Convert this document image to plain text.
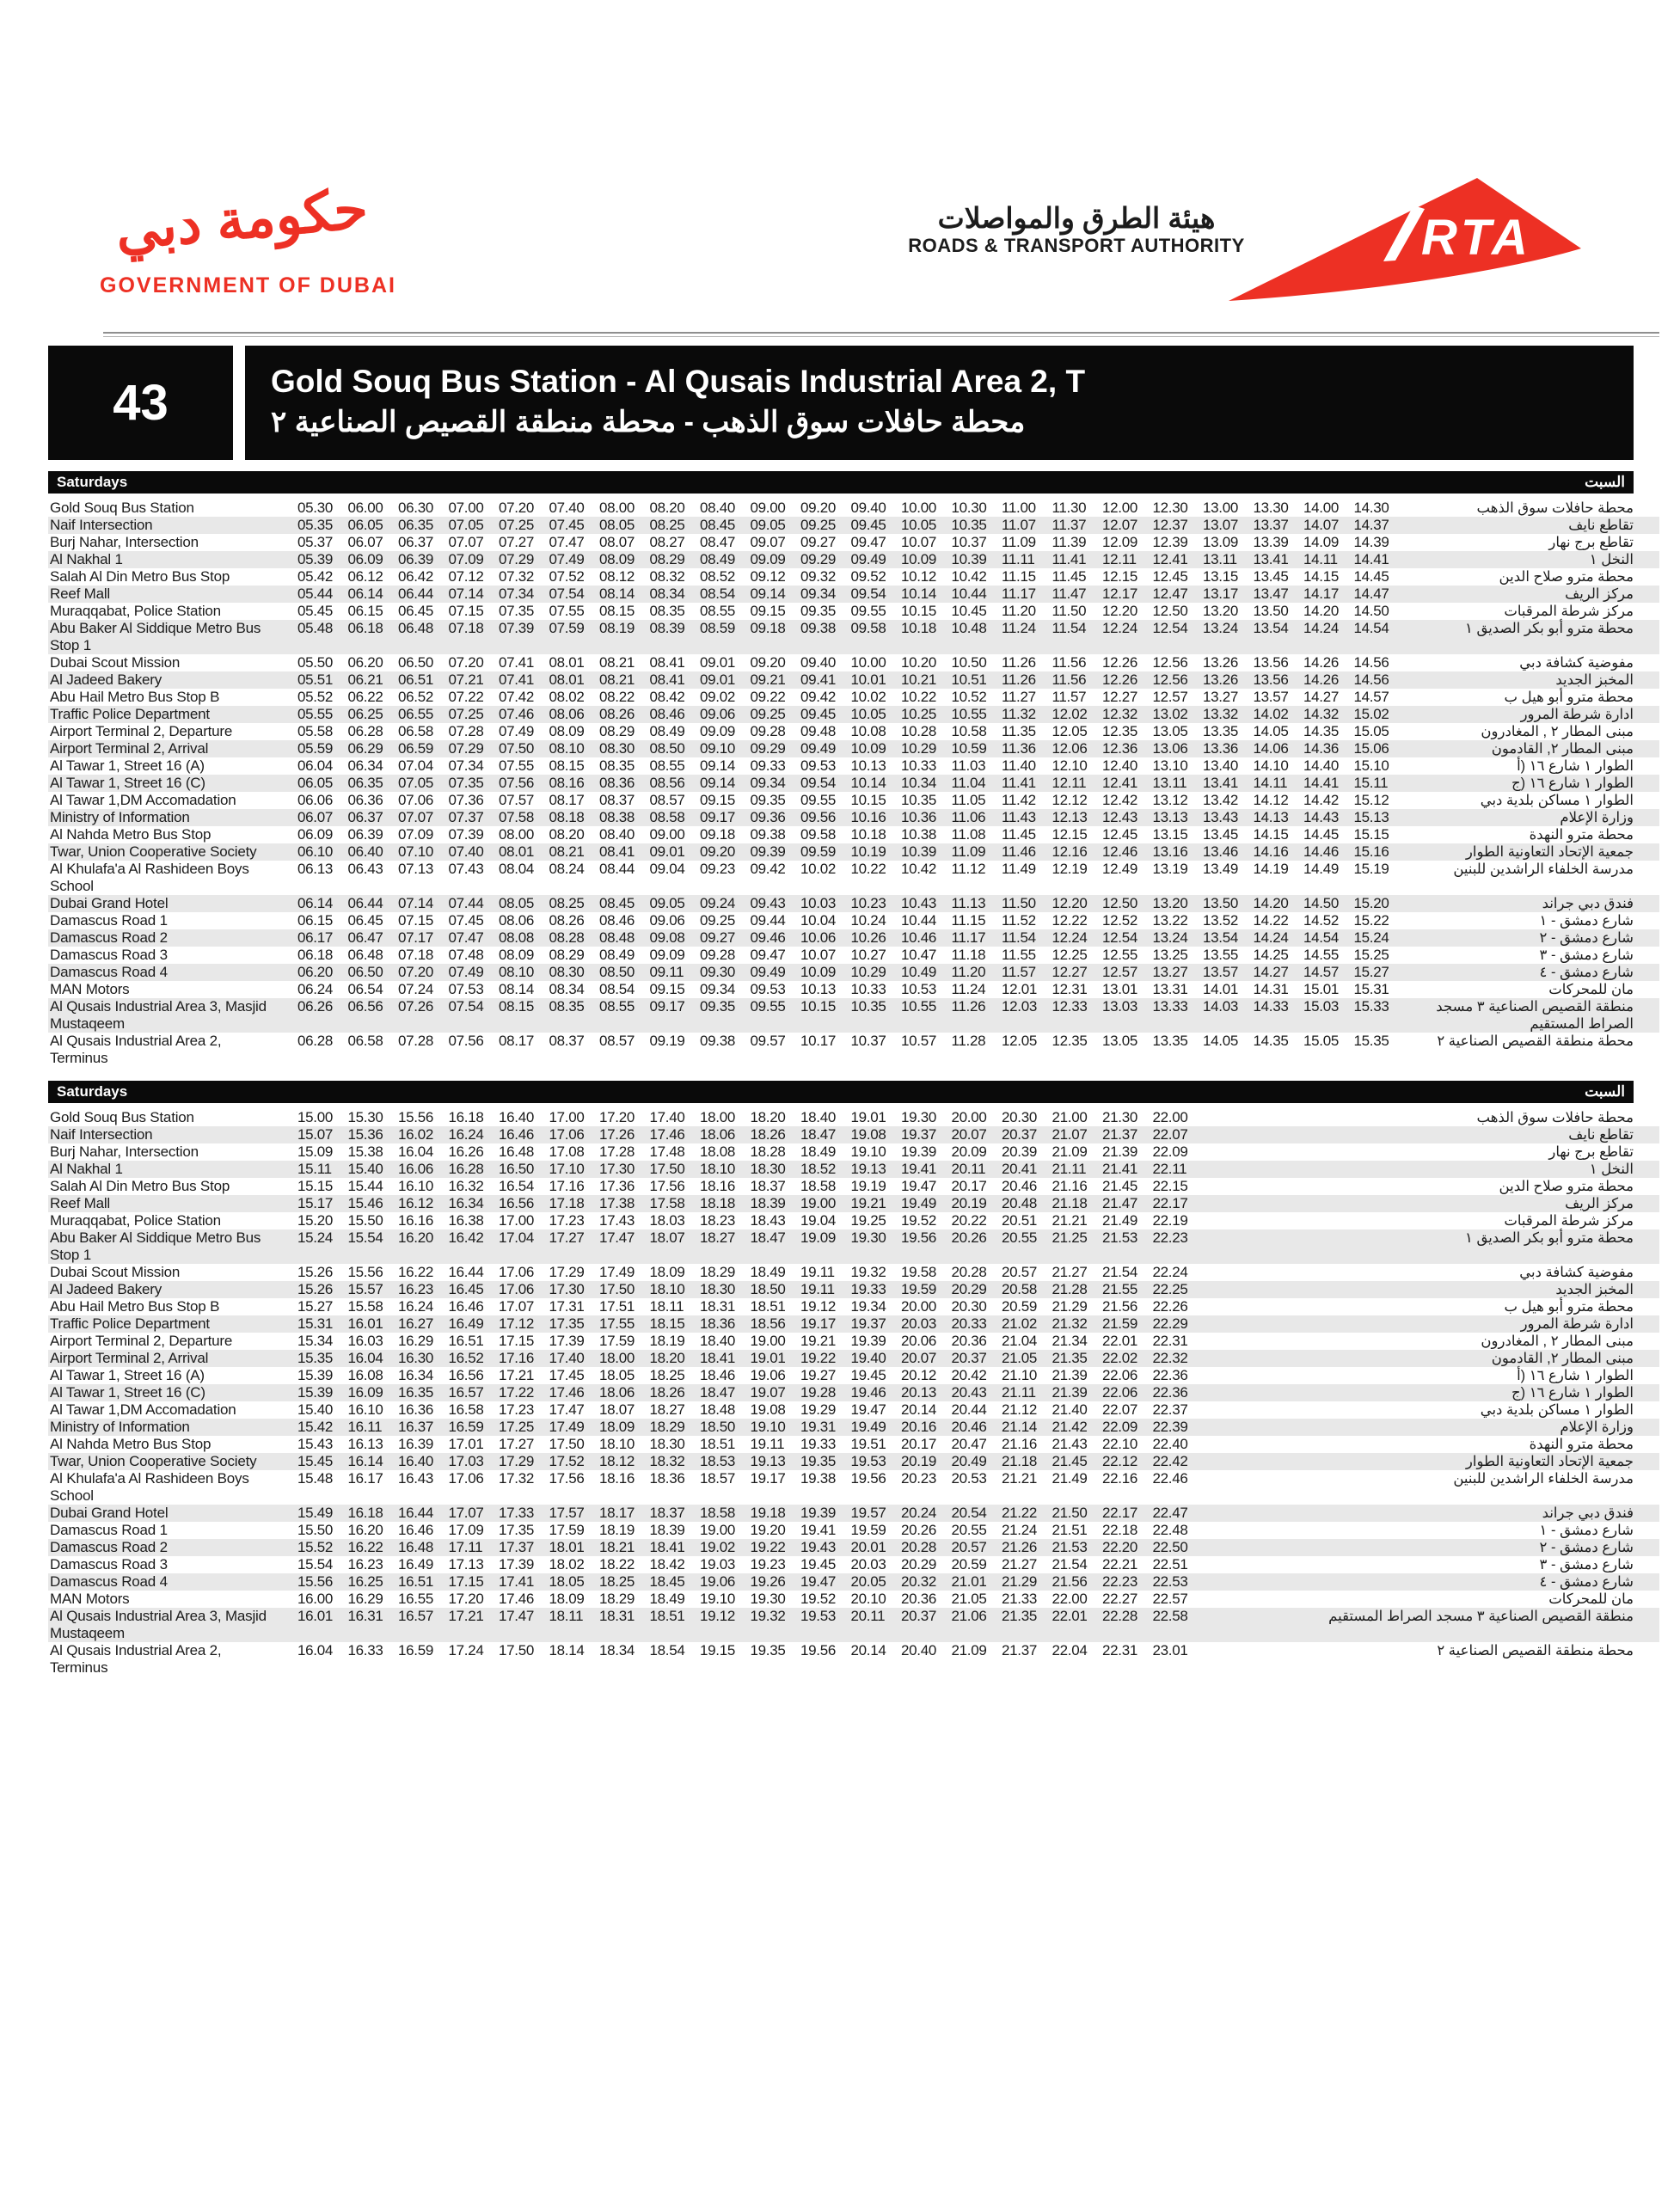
حكومة دبي
GOVERNMENT OF DUBAI
هيئة الطرق والمواصلات
ROADS & TRANSPORT AUTHORITY	RTA
43	Gold Souq Bus Station - Al Qusais Industrial Area 2, T
محطة حافلات سوق الذهب - محطة منطقة القصيص الصناعية ٢
Saturdays	السبت
Gold Souq Bus Station	05.30	06.00	06.30	07.00	07.20	07.40	08.00	08.20	08.40	09.00	09.20	09.40	10.00	10.30	11.00	11.30	12.00	12.30	13.00	13.30	14.00	14.30	محطة حافلات سوق الذهب
Naif Intersection	05.35	06.05	06.35	07.05	07.25	07.45	08.05	08.25	08.45	09.05	09.25	09.45	10.05	10.35	11.07	11.37	12.07	12.37	13.07	13.37	14.07	14.37	تقاطع نايف
Burj Nahar, Intersection	05.37	06.07	06.37	07.07	07.27	07.47	08.07	08.27	08.47	09.07	09.27	09.47	10.07	10.37	11.09	11.39	12.09	12.39	13.09	13.39	14.09	14.39	تقاطع برج نهار
Al Nakhal 1	05.39	06.09	06.39	07.09	07.29	07.49	08.09	08.29	08.49	09.09	09.29	09.49	10.09	10.39	11.11	11.41	12.11	12.41	13.11	13.41	14.11	14.41	النخل ١
Salah Al Din Metro Bus Stop	05.42	06.12	06.42	07.12	07.32	07.52	08.12	08.32	08.52	09.12	09.32	09.52	10.12	10.42	11.15	11.45	12.15	12.45	13.15	13.45	14.15	14.45	محطة مترو صلاح الدين
Reef Mall	05.44	06.14	06.44	07.14	07.34	07.54	08.14	08.34	08.54	09.14	09.34	09.54	10.14	10.44	11.17	11.47	12.17	12.47	13.17	13.47	14.17	14.47	مركز الريف
Muraqqabat, Police Station	05.45	06.15	06.45	07.15	07.35	07.55	08.15	08.35	08.55	09.15	09.35	09.55	10.15	10.45	11.20	11.50	12.20	12.50	13.20	13.50	14.20	14.50	مركز شرطة المرقبات
Abu Baker Al Siddique Metro Bus Stop 1
05.48	06.18	06.48	07.18	07.39	07.59	08.19	08.39	08.59	09.18	09.38	09.58	10.18	10.48	11.24	11.54	12.24	12.54	13.24	13.54	14.24	14.54	محطة مترو أبو بكر الصديق ١
Dubai Scout Mission	05.50	06.20	06.50	07.20	07.41	08.01	08.21	08.41	09.01	09.20	09.40	10.00	10.20	10.50	11.26	11.56	12.26	12.56	13.26	13.56	14.26	14.56	مفوضية كشافة دبي
Al Jadeed Bakery	05.51	06.21	06.51	07.21	07.41	08.01	08.21	08.41	09.01	09.21	09.41	10.01	10.21	10.51	11.26	11.56	12.26	12.56	13.26	13.56	14.26	14.56	المخبز الجديد
Abu Hail Metro Bus Stop B	05.52	06.22	06.52	07.22	07.42	08.02	08.22	08.42	09.02	09.22	09.42	10.02	10.22	10.52	11.27	11.57	12.27	12.57	13.27	13.57	14.27	14.57	محطة مترو أبو هيل ب
Traffic Police Department	05.55	06.25	06.55	07.25	07.46	08.06	08.26	08.46	09.06	09.25	09.45	10.05	10.25	10.55	11.32	12.02	12.32	13.02	13.32	14.02	14.32	15.02	ادارة شرطة المرور
Airport Terminal 2, Departure	05.58	06.28	06.58	07.28	07.49	08.09	08.29	08.49	09.09	09.28	09.48	10.08	10.28	10.58	11.35	12.05	12.35	13.05	13.35	14.05	14.35	15.05	مبنى المطار ٢ , المغادرون
Airport Terminal 2, Arrival	05.59	06.29	06.59	07.29	07.50	08.10	08.30	08.50	09.10	09.29	09.49	10.09	10.29	10.59	11.36	12.06	12.36	13.06	13.36	14.06	14.36	15.06	مبنى المطار ٢, القادمون
Al Tawar 1, Street 16 (A)	06.04	06.34	07.04	07.34	07.55	08.15	08.35	08.55	09.14	09.33	09.53	10.13	10.33	11.03	11.40	12.10	12.40	13.10	13.40	14.10	14.40	15.10	الطوار ١ شارع ١٦ (أ
Al Tawar 1, Street 16 (C)	06.05	06.35	07.05	07.35	07.56	08.16	08.36	08.56	09.14	09.34	09.54	10.14	10.34	11.04	11.41	12.11	12.41	13.11	13.41	14.11	14.41	15.11	الطوار ١ شارع ١٦ (ج
Al Tawar 1,DM Accomadation	06.06	06.36	07.06	07.36	07.57	08.17	08.37	08.57	09.15	09.35	09.55	10.15	10.35	11.05	11.42	12.12	12.42	13.12	13.42	14.12	14.42	15.12	الطوار ١ مساكن بلدية دبي
Ministry of Information	06.07	06.37	07.07	07.37	07.58	08.18	08.38	08.58	09.17	09.36	09.56	10.16	10.36	11.06	11.43	12.13	12.43	13.13	13.43	14.13	14.43	15.13	وزارة الإعلام
Al Nahda Metro Bus Stop	06.09	06.39	07.09	07.39	08.00	08.20	08.40	09.00	09.18	09.38	09.58	10.18	10.38	11.08	11.45	12.15	12.45	13.15	13.45	14.15	14.45	15.15	محطة مترو النهدة
Twar, Union Cooperative Society	06.10	06.40	07.10	07.40	08.01	08.21	08.41	09.01	09.20	09.39	09.59	10.19	10.39	11.09	11.46	12.16	12.46	13.16	13.46	14.16	14.46	15.16	جمعية الإتحاد التعاونية الطوار
Al Khulafa'a Al Rashideen Boys School
06.13	06.43	07.13	07.43	08.04	08.24	08.44	09.04	09.23	09.42	10.02	10.22	10.42	11.12	11.49	12.19	12.49	13.19	13.49	14.19	14.49	15.19	مدرسة الخلفاء الراشدين للبنين
Dubai Grand Hotel	06.14	06.44	07.14	07.44	08.05	08.25	08.45	09.05	09.24	09.43	10.03	10.23	10.43	11.13	11.50	12.20	12.50	13.20	13.50	14.20	14.50	15.20	فندق دبي جراند
Damascus Road 1	06.15	06.45	07.15	07.45	08.06	08.26	08.46	09.06	09.25	09.44	10.04	10.24	10.44	11.15	11.52	12.22	12.52	13.22	13.52	14.22	14.52	15.22	شارع دمشق - ١
Damascus Road 2	06.17	06.47	07.17	07.47	08.08	08.28	08.48	09.08	09.27	09.46	10.06	10.26	10.46	11.17	11.54	12.24	12.54	13.24	13.54	14.24	14.54	15.24	شارع دمشق - ٢
Damascus Road 3	06.18	06.48	07.18	07.48	08.09	08.29	08.49	09.09	09.28	09.47	10.07	10.27	10.47	11.18	11.55	12.25	12.55	13.25	13.55	14.25	14.55	15.25	شارع دمشق - ٣
Damascus Road 4	06.20	06.50	07.20	07.49	08.10	08.30	08.50	09.11	09.30	09.49	10.09	10.29	10.49	11.20	11.57	12.27	12.57	13.27	13.57	14.27	14.57	15.27	شارع دمشق - ٤
MAN Motors	06.24	06.54	07.24	07.53	08.14	08.34	08.54	09.15	09.34	09.53	10.13	10.33	10.53	11.24	12.01	12.31	13.01	13.31	14.01	14.31	15.01	15.31	مان للمحركات
Al Qusais Industrial Area 3, Masjid Mustaqeem
06.26	06.56	07.26	07.54	08.15	08.35	08.55	09.17	09.35	09.55	10.15	10.35	10.55	11.26	12.03	12.33	13.03	13.33	14.03	14.33	15.03	15.33	منطقة القصيص الصناعية ٣ مسجد الصراط المستقيم
Al Qusais Industrial Area 2, Terminus
06.28	06.58	07.28	07.56	08.17	08.37	08.57	09.19	09.38	09.57	10.17	10.37	10.57	11.28	12.05	12.35	13.05	13.35	14.05	14.35	15.05	15.35	محطة منطقة القصيص الصناعية ٢
Saturdays	السبت
Gold Souq Bus Station	15.00	15.30	15.56	16.18	16.40	17.00	17.20	17.40	18.00	18.20	18.40	19.01	19.30	20.00	20.30	21.00	21.30	22.00	محطة حافلات سوق الذهب
Naif Intersection	15.07	15.36	16.02	16.24	16.46	17.06	17.26	17.46	18.06	18.26	18.47	19.08	19.37	20.07	20.37	21.07	21.37	22.07	تقاطع نايف
Burj Nahar, Intersection	15.09	15.38	16.04	16.26	16.48	17.08	17.28	17.48	18.08	18.28	18.49	19.10	19.39	20.09	20.39	21.09	21.39	22.09	تقاطع برج نهار
Al Nakhal 1	15.11	15.40	16.06	16.28	16.50	17.10	17.30	17.50	18.10	18.30	18.52	19.13	19.41	20.11	20.41	21.11	21.41	22.11	النخل ١
Salah Al Din Metro Bus Stop	15.15	15.44	16.10	16.32	16.54	17.16	17.36	17.56	18.16	18.37	18.58	19.19	19.47	20.17	20.46	21.16	21.45	22.15	محطة مترو صلاح الدين
Reef Mall	15.17	15.46	16.12	16.34	16.56	17.18	17.38	17.58	18.18	18.39	19.00	19.21	19.49	20.19	20.48	21.18	21.47	22.17	مركز الريف
Muraqqabat, Police Station	15.20	15.50	16.16	16.38	17.00	17.23	17.43	18.03	18.23	18.43	19.04	19.25	19.52	20.22	20.51	21.21	21.49	22.19	مركز شرطة المرقبات
Abu Baker Al Siddique Metro Bus Stop 1
15.24	15.54	16.20	16.42	17.04	17.27	17.47	18.07	18.27	18.47	19.09	19.30	19.56	20.26	20.55	21.25	21.53	22.23	محطة مترو أبو بكر الصديق ١
Dubai Scout Mission	15.26	15.56	16.22	16.44	17.06	17.29	17.49	18.09	18.29	18.49	19.11	19.32	19.58	20.28	20.57	21.27	21.54	22.24	مفوضية كشافة دبي
Al Jadeed Bakery	15.26	15.57	16.23	16.45	17.06	17.30	17.50	18.10	18.30	18.50	19.11	19.33	19.59	20.29	20.58	21.28	21.55	22.25	المخبز الجديد
Abu Hail Metro Bus Stop B	15.27	15.58	16.24	16.46	17.07	17.31	17.51	18.11	18.31	18.51	19.12	19.34	20.00	20.30	20.59	21.29	21.56	22.26	محطة مترو أبو هيل ب
Traffic Police Department	15.31	16.01	16.27	16.49	17.12	17.35	17.55	18.15	18.36	18.56	19.17	19.37	20.03	20.33	21.02	21.32	21.59	22.29	ادارة شرطة المرور
Airport Terminal 2, Departure	15.34	16.03	16.29	16.51	17.15	17.39	17.59	18.19	18.40	19.00	19.21	19.39	20.06	20.36	21.04	21.34	22.01	22.31	مبنى المطار ٢ , المغادرون
Airport Terminal 2, Arrival	15.35	16.04	16.30	16.52	17.16	17.40	18.00	18.20	18.41	19.01	19.22	19.40	20.07	20.37	21.05	21.35	22.02	22.32	مبنى المطار ٢, القادمون
Al Tawar 1, Street 16 (A)	15.39	16.08	16.34	16.56	17.21	17.45	18.05	18.25	18.46	19.06	19.27	19.45	20.12	20.42	21.10	21.39	22.06	22.36	الطوار ١ شارع ١٦ (أ
Al Tawar 1, Street 16 (C)	15.39	16.09	16.35	16.57	17.22	17.46	18.06	18.26	18.47	19.07	19.28	19.46	20.13	20.43	21.11	21.39	22.06	22.36	الطوار ١ شارع ١٦ (ج
Al Tawar 1,DM Accomadation	15.40	16.10	16.36	16.58	17.23	17.47	18.07	18.27	18.48	19.08	19.29	19.47	20.14	20.44	21.12	21.40	22.07	22.37	الطوار ١ مساكن بلدية دبي
Ministry of Information	15.42	16.11	16.37	16.59	17.25	17.49	18.09	18.29	18.50	19.10	19.31	19.49	20.16	20.46	21.14	21.42	22.09	22.39	وزارة الإعلام
Al Nahda Metro Bus Stop	15.43	16.13	16.39	17.01	17.27	17.50	18.10	18.30	18.51	19.11	19.33	19.51	20.17	20.47	21.16	21.43	22.10	22.40	محطة مترو النهدة
Twar, Union Cooperative Society	15.45	16.14	16.40	17.03	17.29	17.52	18.12	18.32	18.53	19.13	19.35	19.53	20.19	20.49	21.18	21.45	22.12	22.42	جمعية الإتحاد التعاونية الطوار
Al Khulafa'a Al Rashideen Boys School
15.48	16.17	16.43	17.06	17.32	17.56	18.16	18.36	18.57	19.17	19.38	19.56	20.23	20.53	21.21	21.49	22.16	22.46	مدرسة الخلفاء الراشدين للبنين
Dubai Grand Hotel	15.49	16.18	16.44	17.07	17.33	17.57	18.17	18.37	18.58	19.18	19.39	19.57	20.24	20.54	21.22	21.50	22.17	22.47	فندق دبي جراند
Damascus Road 1	15.50	16.20	16.46	17.09	17.35	17.59	18.19	18.39	19.00	19.20	19.41	19.59	20.26	20.55	21.24	21.51	22.18	22.48	شارع دمشق - ١
Damascus Road 2	15.52	16.22	16.48	17.11	17.37	18.01	18.21	18.41	19.02	19.22	19.43	20.01	20.28	20.57	21.26	21.53	22.20	22.50	شارع دمشق - ٢
Damascus Road 3	15.54	16.23	16.49	17.13	17.39	18.02	18.22	18.42	19.03	19.23	19.45	20.03	20.29	20.59	21.27	21.54	22.21	22.51	شارع دمشق - ٣
Damascus Road 4	15.56	16.25	16.51	17.15	17.41	18.05	18.25	18.45	19.06	19.26	19.47	20.05	20.32	21.01	21.29	21.56	22.23	22.53	شارع دمشق - ٤
MAN Motors	16.00	16.29	16.55	17.20	17.46	18.09	18.29	18.49	19.10	19.30	19.52	20.10	20.36	21.05	21.33	22.00	22.27	22.57	مان للمحركات
Al Qusais Industrial Area 3, Masjid Mustaqeem
16.01	16.31	16.57	17.21	17.47	18.11	18.31	18.51	19.12	19.32	19.53	20.11	20.37	21.06	21.35	22.01	22.28	22.58	منطقة القصيص الصناعية ٣ مسجد الصراط المستقيم
Al Qusais Industrial Area 2, Terminus
16.04	16.33	16.59	17.24	17.50	18.14	18.34	18.54	19.15	19.35	19.56	20.14	20.40	21.09	21.37	22.04	22.31	23.01	محطة منطقة القصيص الصناعية ٢
